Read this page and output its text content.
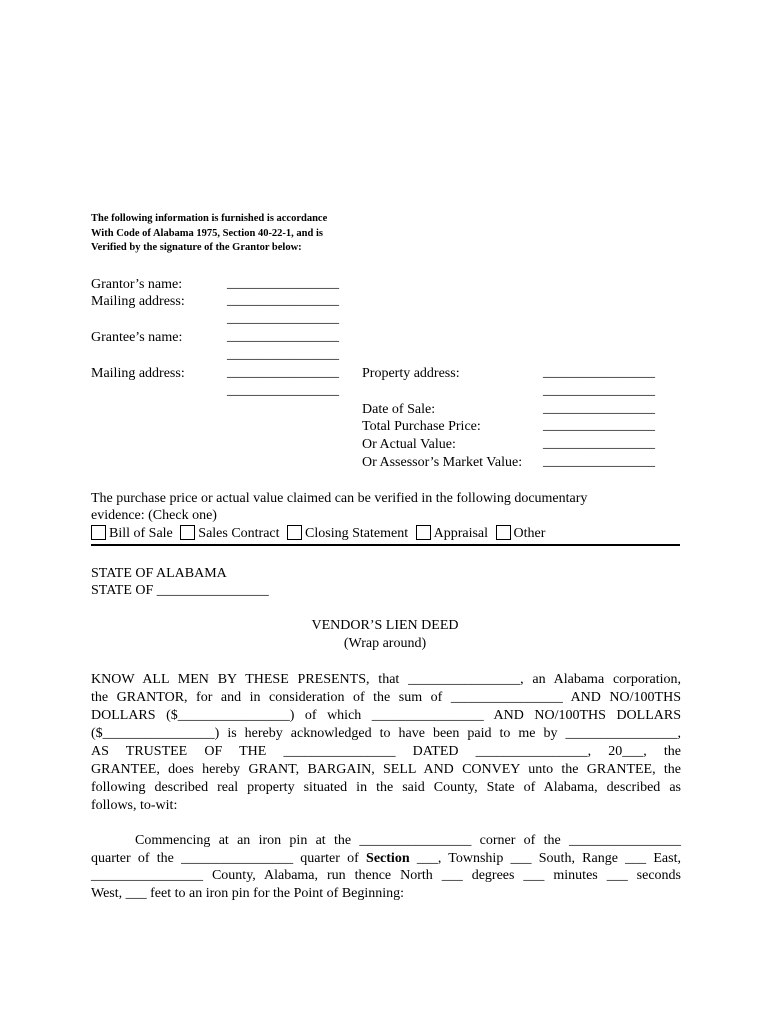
The following information is furnished is accordance
With Code of Alabama 1975, Section 40-22-1, and is
Verified by the signature of the Grantor below:
Grantor’s name:	________________
Mailing address:	________________
________________
Grantee’s name:	________________
________________
Mailing address:	________________
________________
Property address:	________________
________________
Date of Sale:	________________
Total Purchase Price:	________________
Or Actual Value:	________________
Or Assessor’s Market Value: ________________
The purchase price or actual value claimed can be verified in the following documentary
evidence: (Check one)
Bill of Sale Sales Contract Closing Statement Appraisal Other
STATE OF ALABAMA
STATE OF ________________
VENDOR’S LIEN DEED
(Wrap around)
KNOW ALL MEN BY THESE PRESENTS, that ________________, an Alabama corporation,
the GRANTOR, for and in consideration of the sum of ________________ AND NO/100THS
DOLLARS ($________________) of which ________________ AND NO/100THS DOLLARS
($________________) is hereby acknowledged to have been paid to me by ________________,
AS TRUSTEE OF THE ________________ DATED ________________, 20___, the
GRANTEE, does hereby GRANT, BARGAIN, SELL AND CONVEY unto the GRANTEE, the
following described real property situated in the said County, State of Alabama, described as
follows, to-wit:
Commencing at an iron pin at the ________________ corner of the ________________
quarter of the ________________ quarter of Section ___, Township ___ South, Range ___ East,
________________ County, Alabama, run thence North ___ degrees ___ minutes ___ seconds
West, ___ feet to an iron pin for the Point of Beginning:
